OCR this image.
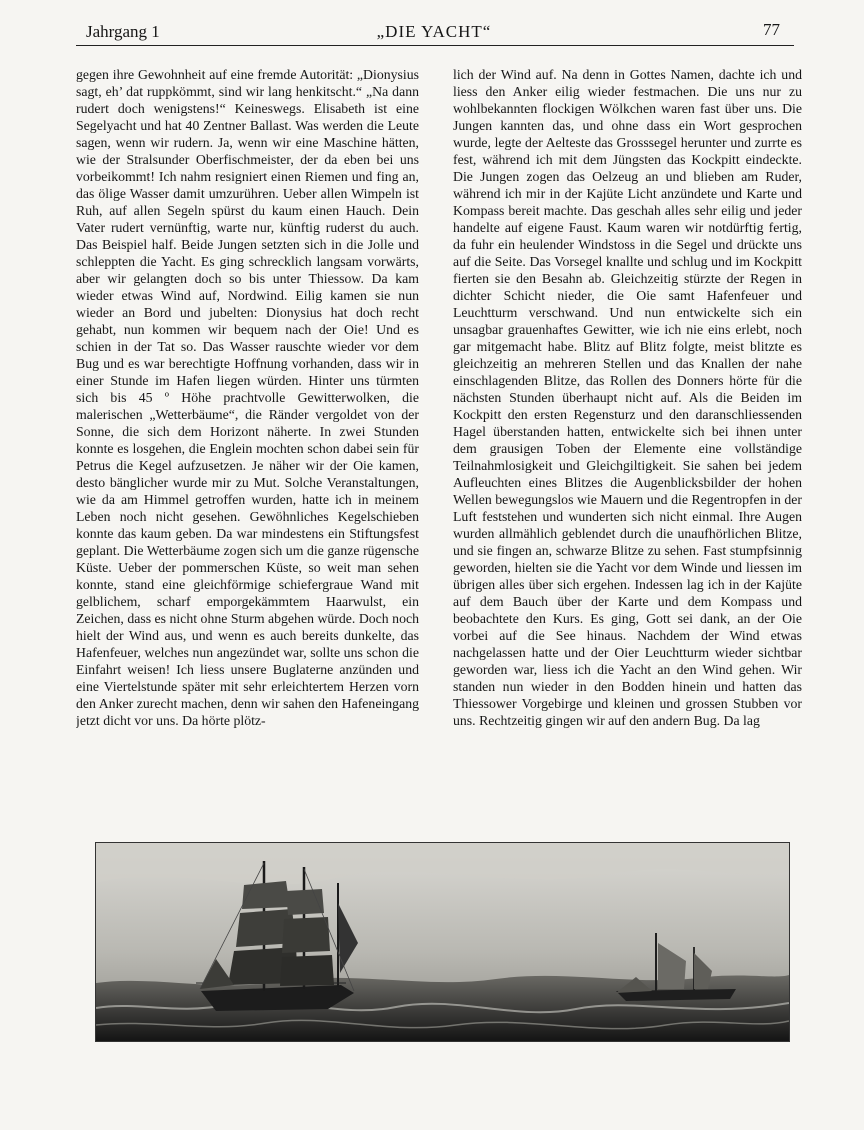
Jahrgang 1	„DIE YACHT“	77

gegen ihre Gewohnheit auf eine fremde Autorität: „Dionysius sagt, eh’ dat ruppkömmt, sind wir lang henkitscht.“ „Na dann rudert doch wenigstens!“ Keineswegs. Elisabeth ist eine Segelyacht und hat 40 Zentner Ballast. Was werden die Leute sagen, wenn wir rudern. Ja, wenn wir eine Maschine hätten, wie der Stralsunder Oberfischmeister, der da eben bei uns vorbeikommt! Ich nahm resigniert einen Riemen und fing an, das ölige Wasser damit umzurühren. Ueber allen Wimpeln ist Ruh, auf allen Segeln spürst du kaum einen Hauch. Dein Vater rudert vernünftig, warte nur, künftig ruderst du auch. Das Beispiel half. Beide Jungen setzten sich in die Jolle und schleppten die Yacht. Es ging schrecklich langsam vorwärts, aber wir gelangten doch so bis unter Thiessow. Da kam wieder etwas Wind auf, Nordwind. Eilig kamen sie nun wieder an Bord und jubelten: Dionysius hat doch recht gehabt, nun kommen wir bequem nach der Oie! Und es schien in der Tat so. Das Wasser rauschte wieder vor dem Bug und es war berechtigte Hoffnung vorhanden, dass wir in einer Stunde im Hafen liegen würden. Hinter uns türmten sich bis 45 º Höhe prachtvolle Gewitterwolken, die malerischen „Wetterbäume“, die Ränder vergoldet von der Sonne, die sich dem Horizont näherte. In zwei Stunden konnte es losgehen, die Englein mochten schon dabei sein für Petrus die Kegel aufzusetzen. Je näher wir der Oie kamen, desto bänglicher wurde mir zu Mut. Solche Veranstaltungen, wie da am Himmel getroffen wurden, hatte ich in meinem Leben noch nicht gesehen. Gewöhnliches Kegelschieben konnte das kaum geben. Da war mindestens ein Stiftungsfest geplant. Die Wetterbäume zogen sich um die ganze rügensche Küste. Ueber der pommerschen Küste, so weit man sehen konnte, stand eine gleichförmige schiefergraue Wand mit gelblichem, scharf emporgekämmtem Haarwulst, ein Zeichen, dass es nicht ohne Sturm abgehen würde. Doch noch hielt der Wind aus, und wenn es auch bereits dunkelte, das Hafenfeuer, welches nun angezündet war, sollte uns schon die Einfahrt weisen! Ich liess unsere Buglaterne anzünden und eine Viertelstunde später mit sehr erleichtertem Herzen vorn den Anker zurecht machen, denn wir sahen den Hafeneingang jetzt dicht vor uns. Da hörte plötz-

lich der Wind auf. Na denn in Gottes Namen, dachte ich und liess den Anker eilig wieder festmachen. Die uns nur zu wohlbekannten flockigen Wölkchen waren fast über uns. Die Jungen kannten das, und ohne dass ein Wort gesprochen wurde, legte der Aelteste das Grosssegel herunter und zurrte es fest, während ich mit dem Jüngsten das Kockpitt eindeckte. Die Jungen zogen das Oelzeug an und blieben am Ruder, während ich mir in der Kajüte Licht anzündete und Karte und Kompass bereit machte. Das geschah alles sehr eilig und jeder handelte auf eigene Faust. Kaum waren wir notdürftig fertig, da fuhr ein heulender Windstoss in die Segel und drückte uns auf die Seite. Das Vorsegel knallte und schlug und im Kockpitt fierten sie den Besahn ab. Gleichzeitig stürzte der Regen in dichter Schicht nieder, die Oie samt Hafenfeuer und Leuchtturm verschwand. Und nun entwickelte sich ein unsagbar grauenhaftes Gewitter, wie ich nie eins erlebt, noch gar mitgemacht habe. Blitz auf Blitz folgte, meist blitzte es gleichzeitig an mehreren Stellen und das Knallen der nahe einschlagenden Blitze, das Rollen des Donners hörte für die nächsten Stunden überhaupt nicht auf. Als die Beiden im Kockpitt den ersten Regensturz und den daranschliessenden Hagel überstanden hatten, entwickelte sich bei ihnen unter dem grausigen Toben der Elemente eine vollständige Teilnahmlosigkeit und Gleichgiltigkeit. Sie sahen bei jedem Aufleuchten eines Blitzes die Augenblicksbilder der hohen Wellen bewegungslos wie Mauern und die Regentropfen in der Luft feststehen und wunderten sich nicht einmal. Ihre Augen wurden allmählich geblendet durch die unaufhörlichen Blitze, und sie fingen an, schwarze Blitze zu sehen. Fast stumpfsinnig geworden, hielten sie die Yacht vor dem Winde und liessen im übrigen alles über sich ergehen. Indessen lag ich in der Kajüte auf dem Bauch über der Karte und dem Kompass und beobachtete den Kurs. Es ging, Gott sei dank, an der Oie vorbei auf die See hinaus. Nachdem der Wind etwas nachgelassen hatte und der Oier Leuchtturm wieder sichtbar geworden war, liess ich die Yacht an den Wind gehen. Wir standen nun wieder in den Bodden hinein und hatten das Thiessower Vorgebirge und kleinen und grossen Stubben vor uns. Rechtzeitig gingen wir auf den andern Bug. Da lag
